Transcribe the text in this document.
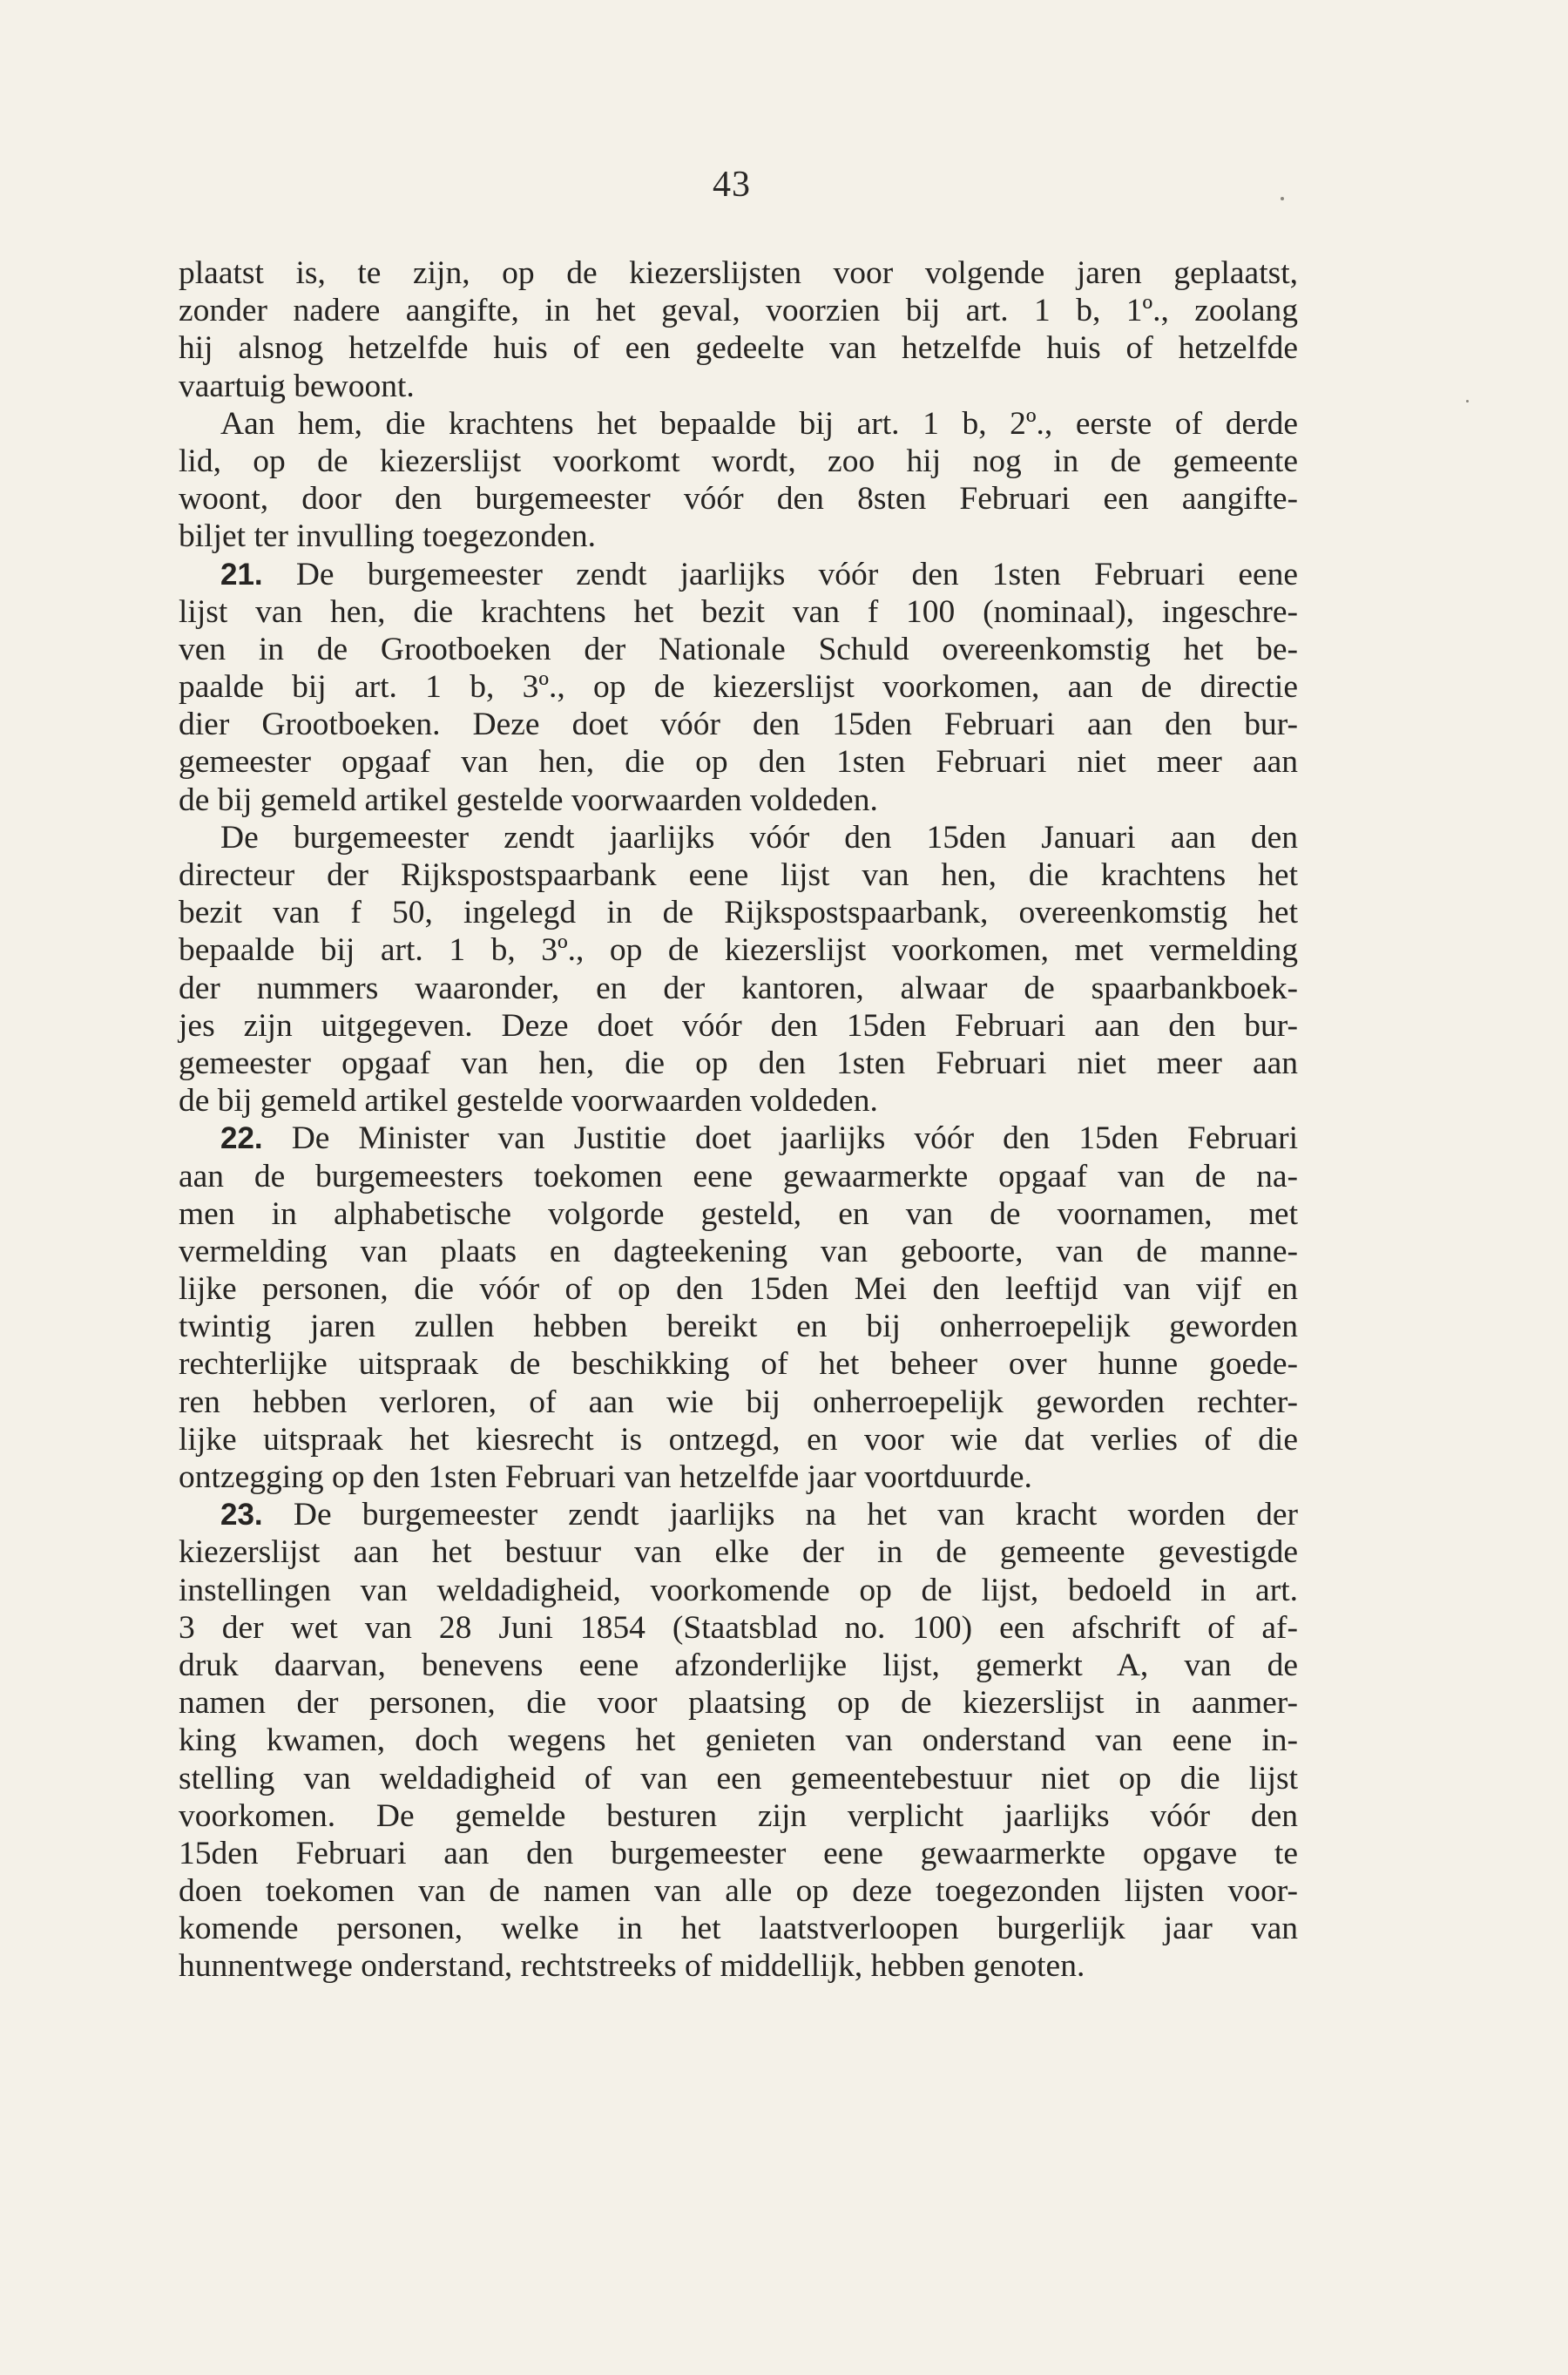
43
plaatst is, te zijn, op de kiezerslijsten voor volgende jaren geplaatst,
zonder nadere aangifte, in het geval, voorzien bij art. 1 b, 1º., zoolang
hij alsnog hetzelfde huis of een gedeelte van hetzelfde huis of hetzelfde
vaartuig bewoont.
Aan hem, die krachtens het bepaalde bij art. 1 b, 2º., eerste of derde
lid, op de kiezerslijst voorkomt wordt, zoo hij nog in de gemeente
woont, door den burgemeester vóór den 8sten Februari een aangifte-
biljet ter invulling toegezonden.
21. De burgemeester zendt jaarlijks vóór den 1sten Februari eene
lijst van hen, die krachtens het bezit van f 100 (nominaal), ingeschre-
ven in de Grootboeken der Nationale Schuld overeenkomstig het be-
paalde bij art. 1 b, 3º., op de kiezerslijst voorkomen, aan de directie
dier Grootboeken. Deze doet vóór den 15den Februari aan den bur-
gemeester opgaaf van hen, die op den 1sten Februari niet meer aan
de bij gemeld artikel gestelde voorwaarden voldeden.
De burgemeester zendt jaarlijks vóór den 15den Januari aan den
directeur der Rijkspostspaarbank eene lijst van hen, die krachtens het
bezit van f 50, ingelegd in de Rijkspostspaarbank, overeenkomstig het
bepaalde bij art. 1 b, 3º., op de kiezerslijst voorkomen, met vermelding
der nummers waaronder, en der kantoren, alwaar de spaarbankboek-
jes zijn uitgegeven. Deze doet vóór den 15den Februari aan den bur-
gemeester opgaaf van hen, die op den 1sten Februari niet meer aan
de bij gemeld artikel gestelde voorwaarden voldeden.
22. De Minister van Justitie doet jaarlijks vóór den 15den Februari
aan de burgemeesters toekomen eene gewaarmerkte opgaaf van de na-
men in alphabetische volgorde gesteld, en van de voornamen, met
vermelding van plaats en dagteekening van geboorte, van de manne-
lijke personen, die vóór of op den 15den Mei den leeftijd van vijf en
twintig jaren zullen hebben bereikt en bij onherroepelijk geworden
rechterlijke uitspraak de beschikking of het beheer over hunne goede-
ren hebben verloren, of aan wie bij onherroepelijk geworden rechter-
lijke uitspraak het kiesrecht is ontzegd, en voor wie dat verlies of die
ontzegging op den 1sten Februari van hetzelfde jaar voortduurde.
23. De burgemeester zendt jaarlijks na het van kracht worden der
kiezerslijst aan het bestuur van elke der in de gemeente gevestigde
instellingen van weldadigheid, voorkomende op de lijst, bedoeld in art.
3 der wet van 28 Juni 1854 (Staatsblad no. 100) een afschrift of af-
druk daarvan, benevens eene afzonderlijke lijst, gemerkt A, van de
namen der personen, die voor plaatsing op de kiezerslijst in aanmer-
king kwamen, doch wegens het genieten van onderstand van eene in-
stelling van weldadigheid of van een gemeentebestuur niet op die lijst
voorkomen. De gemelde besturen zijn verplicht jaarlijks vóór den
15den Februari aan den burgemeester eene gewaarmerkte opgave te
doen toekomen van de namen van alle op deze toegezonden lijsten voor-
komende personen, welke in het laatstverloopen burgerlijk jaar van
hunnentwege onderstand, rechtstreeks of middellijk, hebben genoten.
